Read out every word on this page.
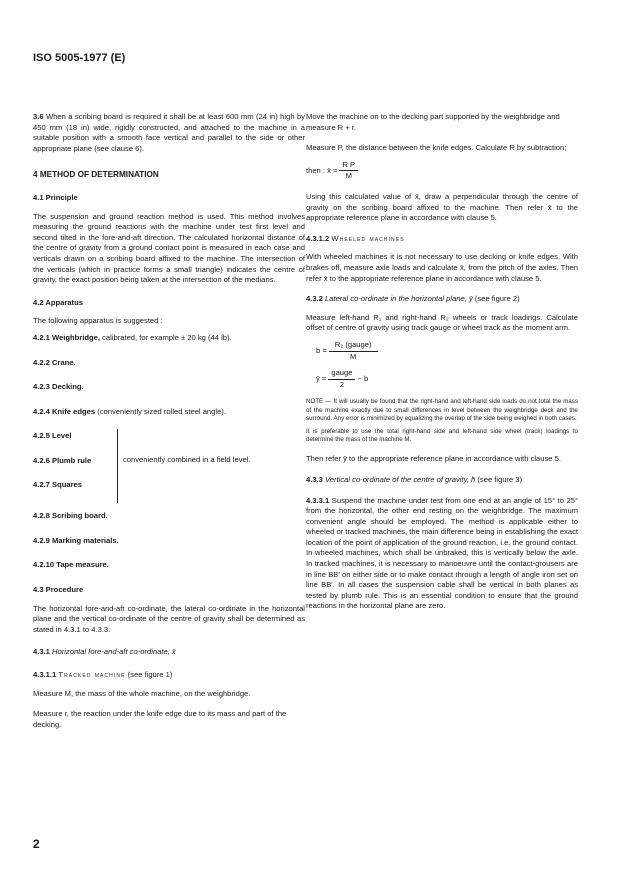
ISO 5005-1977 (E)

3.6 When a scribing board is required it shall be at least 600 mm (24 in) high by 450 mm (18 in) wide, rigidly constructed, and attached to the machine in a suitable position with a smooth face vertical and parallel to the side or other appropriate plane (see clause 6).

4 METHOD OF DETERMINATION

4.1 Principle

The suspension and ground reaction method is used. This method involves measuring the ground reactions with the machine under test first level and second tilted in the fore-and-aft direction. The calculated horizontal distance of the centre of gravity from a ground contact point is measured in each case and verticals drawn on a scribing board affixed to the machine. The intersection of the verticals (which in practice forms a small triangle) indicates the centre of gravity, the exact position being taken at the intersection of the medians.

4.2 Apparatus

The following apparatus is suggested :

4.2.1 Weighbridge, calibrated, for example ± 20 kg (44 lb).

4.2.2 Crane.

4.2.3 Decking.

4.2.4 Knife edges (conveniently sized rolled steel angle).

4.2.5 Level

4.2.6 Plumb rule

4.2.7 Squares

conveniently combined in a field level.

4.2.8 Scribing board.

4.2.9 Marking materials.

4.2.10 Tape measure.

4.3 Procedure

The horizontal fore-and-aft co-ordinate, the lateral co-ordinate in the horizontal plane and the vertical co-ordinate of the centre of gravity shall be determined as stated in 4.3.1 to 4.3.3.

4.3.1 Horizontal fore-and-aft co-ordinate, x̄

4.3.1.1 Tracked machine (see figure 1)

Measure M, the mass of the whole machine, on the weighbridge.

Measure r, the reaction under the knife edge due to its mass and part of the decking.

Move the machine on to the decking part supported by the weighbridge and measure R + r.

Measure P, the distance between the knife edges. Calculate R by subtraction;

then : x̄ = $\frac{\text{R P}}{M}$

Using this calculated value of x̄, draw a perpendicular through the centre of gravity on the scribing board affixed to the machine. Then refer x̄ to the appropriate reference plane in accordance with clause 5.

4.3.1.2 Wheeled machines

With wheeled machines it is not necessary to use decking or knife edges. With brakes off, measure axle loads and calculate x̄, from the pitch of the axles. Then refer x̄ to the appropriate reference plane in accordance with clause 5.

4.3.2 Lateral co-ordinate in the horizontal plane, ȳ (see figure 2)

Measure left-hand R₁ and right-hand R₂ wheels or track loadings. Calculate offset of centre of gravity using track gauge or wheel track as the moment arm.

$b = \frac{\text{R₂ (gauge)}}{M}$
ȳ = $\frac{\text{gauge}}{2} - b$

NOTE — It will usually be found that the right-hand and left-hand side loads do not total the mass of the machine exactly due to small differences in level between the weighbridge deck and the surround. Any error is minimized by equalizing the overlap of the side being weighed in both cases.

It is preferable to use the total right-hand side and left-hand side wheel (track) loadings to determine the mass of the machine M.

Then refer ȳ to the appropriate reference plane in accordance with clause 5.

4.3.3 Vertical co-ordinate of the centre of gravity, h̄ (see figure 3)

4.3.3.1 Suspend the machine under test from one end at an angle of 15° to 25° from the horizontal, the other end resting on the weighbridge. The maximum convenient angle should be employed. The method is applicable either to wheeled or tracked machines, the main difference being in establishing the exact location of the point of application of the ground reaction, i.e. the ground contact. In wheeled machines, which shall be unbraked, this is vertically below the axle. In tracked machines, it is necessary to manoeuvre until the contact-grousers are in line BB′ on either side or to make contact through a length of angle iron set on line BB′. In all cases the suspension cable shall be vertical in both planes as tested by plumb rule. This is an essential condition to ensure that the ground reactions in the horizontal plane are zero.

2
